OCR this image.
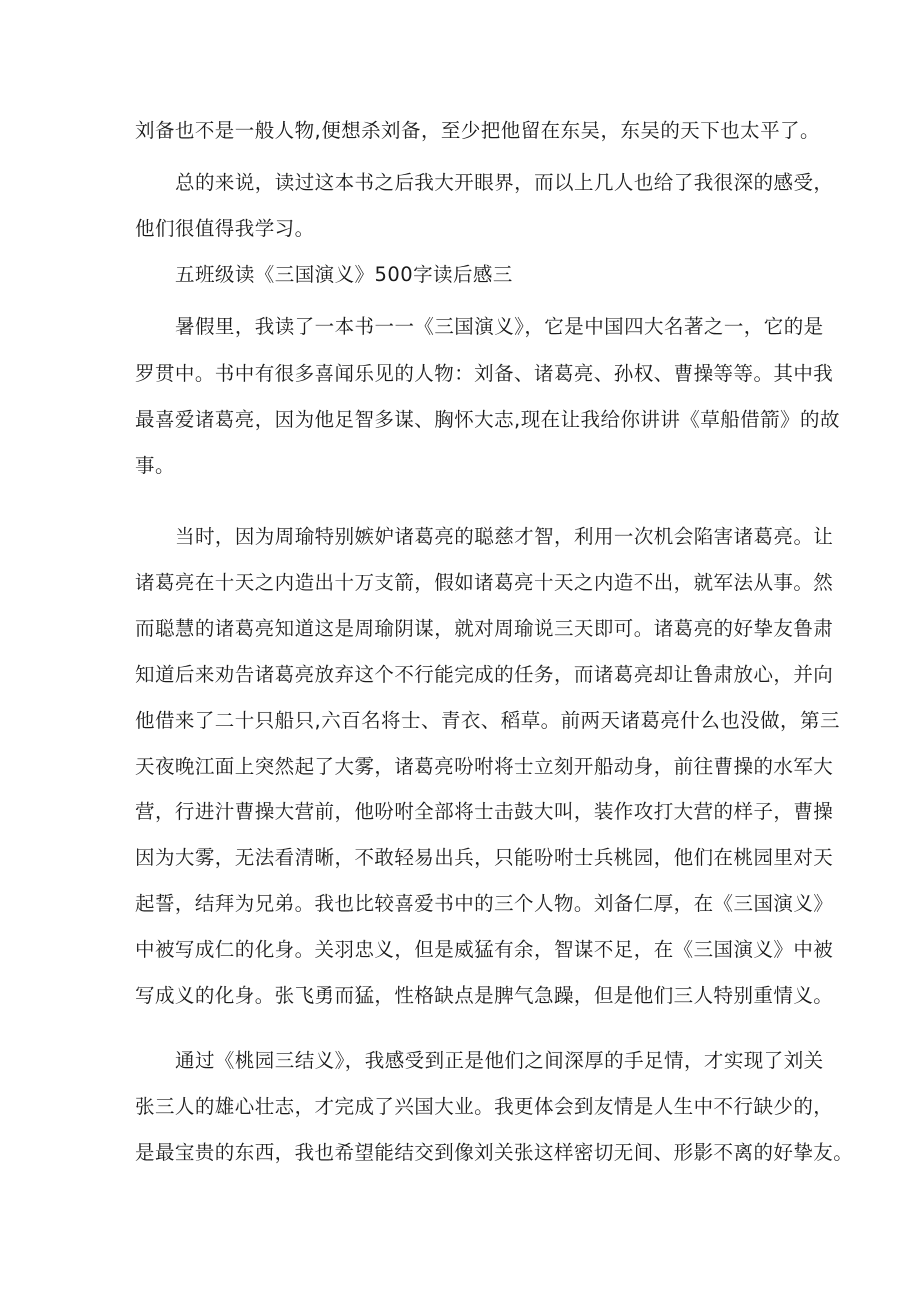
刘备也不是一般人物,便想杀刘备，至少把他留在东吴，东吴的天下也太平了。
总的来说，读过这本书之后我大开眼界，而以上几人也给了我很深的感受，
他们很值得我学习。
五班级读《三国演义》500字读后感三
暑假里，我读了一本书一一《三国演义》，它是中国四大名著之一，它的是
罗贯中。书中有很多喜闻乐见的人物：刘备、诸葛亮、孙权、曹操等等。其中我
最喜爱诸葛亮，因为他足智多谋、胸怀大志,现在让我给你讲讲《草船借箭》的故
事。
当时，因为周瑜特别嫉妒诸葛亮的聪慈才智，利用一次机会陷害诸葛亮。让
诸葛亮在十天之内造出十万支箭，假如诸葛亮十天之内造不出，就军法从事。然
而聪慧的诸葛亮知道这是周瑜阴谋，就对周瑜说三天即可。诸葛亮的好挚友鲁肃
知道后来劝告诸葛亮放弃这个不行能完成的任务，而诸葛亮却让鲁肃放心，并向
他借来了二十只船只,六百名将士、青衣、稻草。前两天诸葛亮什么也没做，第三
天夜晚江面上突然起了大雾，诸葛亮吩咐将士立刻开船动身，前往曹操的水军大
营，行进汁曹操大营前，他吩咐全部将士击鼓大叫，装作攻打大营的样子，曹操
因为大雾，无法看清晰，不敢轻易出兵，只能吩咐士兵桃园，他们在桃园里对天
起誓，结拜为兄弟。我也比较喜爱书中的三个人物。刘备仁厚，在《三国演义》
中被写成仁的化身。关羽忠义，但是威猛有余，智谋不足，在《三国演义》中被
写成义的化身。张飞勇而猛，性格缺点是脾气急躁，但是他们三人特别重情义。
通过《桃园三结义》，我感受到正是他们之间深厚的手足情，才实现了刘关
张三人的雄心壮志，才完成了兴国大业。我更体会到友情是人生中不行缺少的，
是最宝贵的东西，我也希望能结交到像刘关张这样密切无间、形影不离的好挚友。
